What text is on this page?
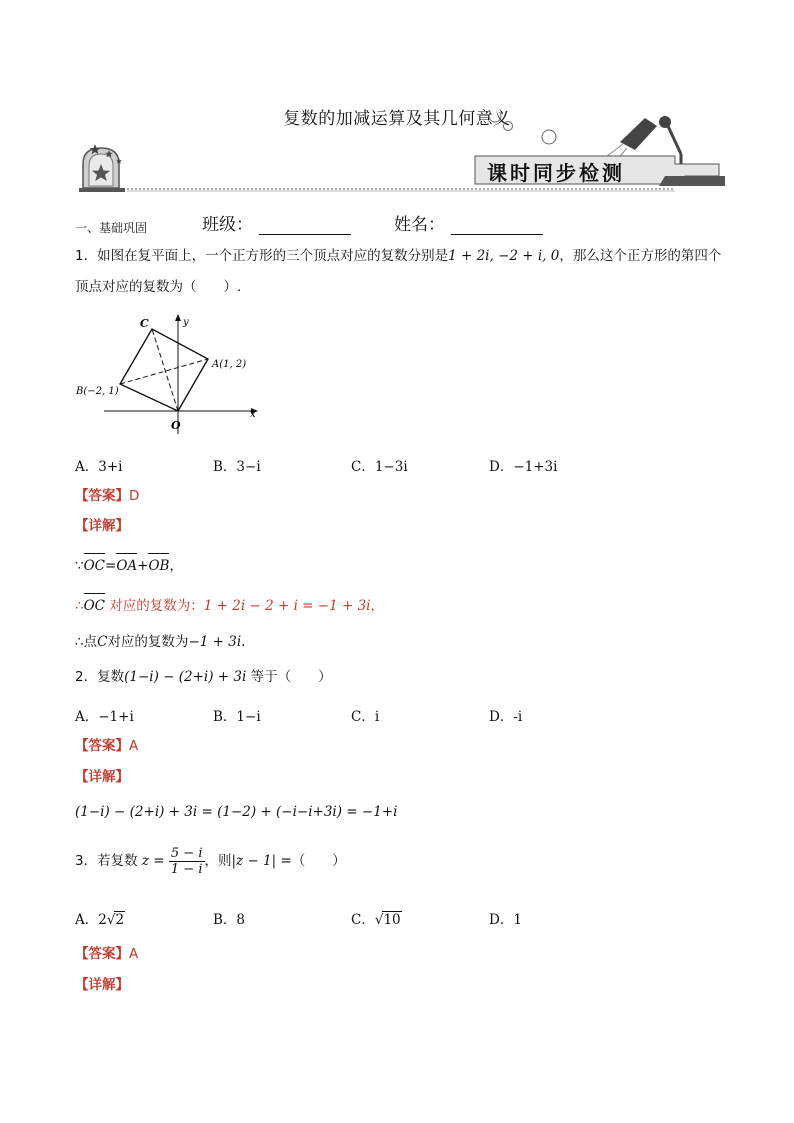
复数的加减运算及其几何意义
课时同步检测
一、基础巩固	班级：	姓名：
1．如图在复平面上，一个正方形的三个顶点对应的复数分别是1 + 2i, −2 + i, 0，那么这个正方形的第四个
顶点对应的复数为（　　）.
C	y
A(1, 2)
B(−2, 1)
O
x
A．3+i	B．3−i	C．1−3i	D．−1+3i
【答案】D
【详解】
∵OC=OA+OB，
∴OC 对应的复数为：1 + 2i − 2 + i = −1 + 3i，
∴点C对应的复数为−1 + 3i.
2．复数(1−i) − (2+i) + 3i 等于（　　）
A．−1+i	B．1−i	C．i	D．-i
【答案】A
【详解】
(1−i) − (2+i) + 3i = (1−2) + (−i−i+3i) = −1+i
3．若复数 $z = \frac{5 - i}{1 - i}$ ，则|z − 1| =（　　）
A．2√2	B．8	C．√10	D．1
【答案】A
【详解】
